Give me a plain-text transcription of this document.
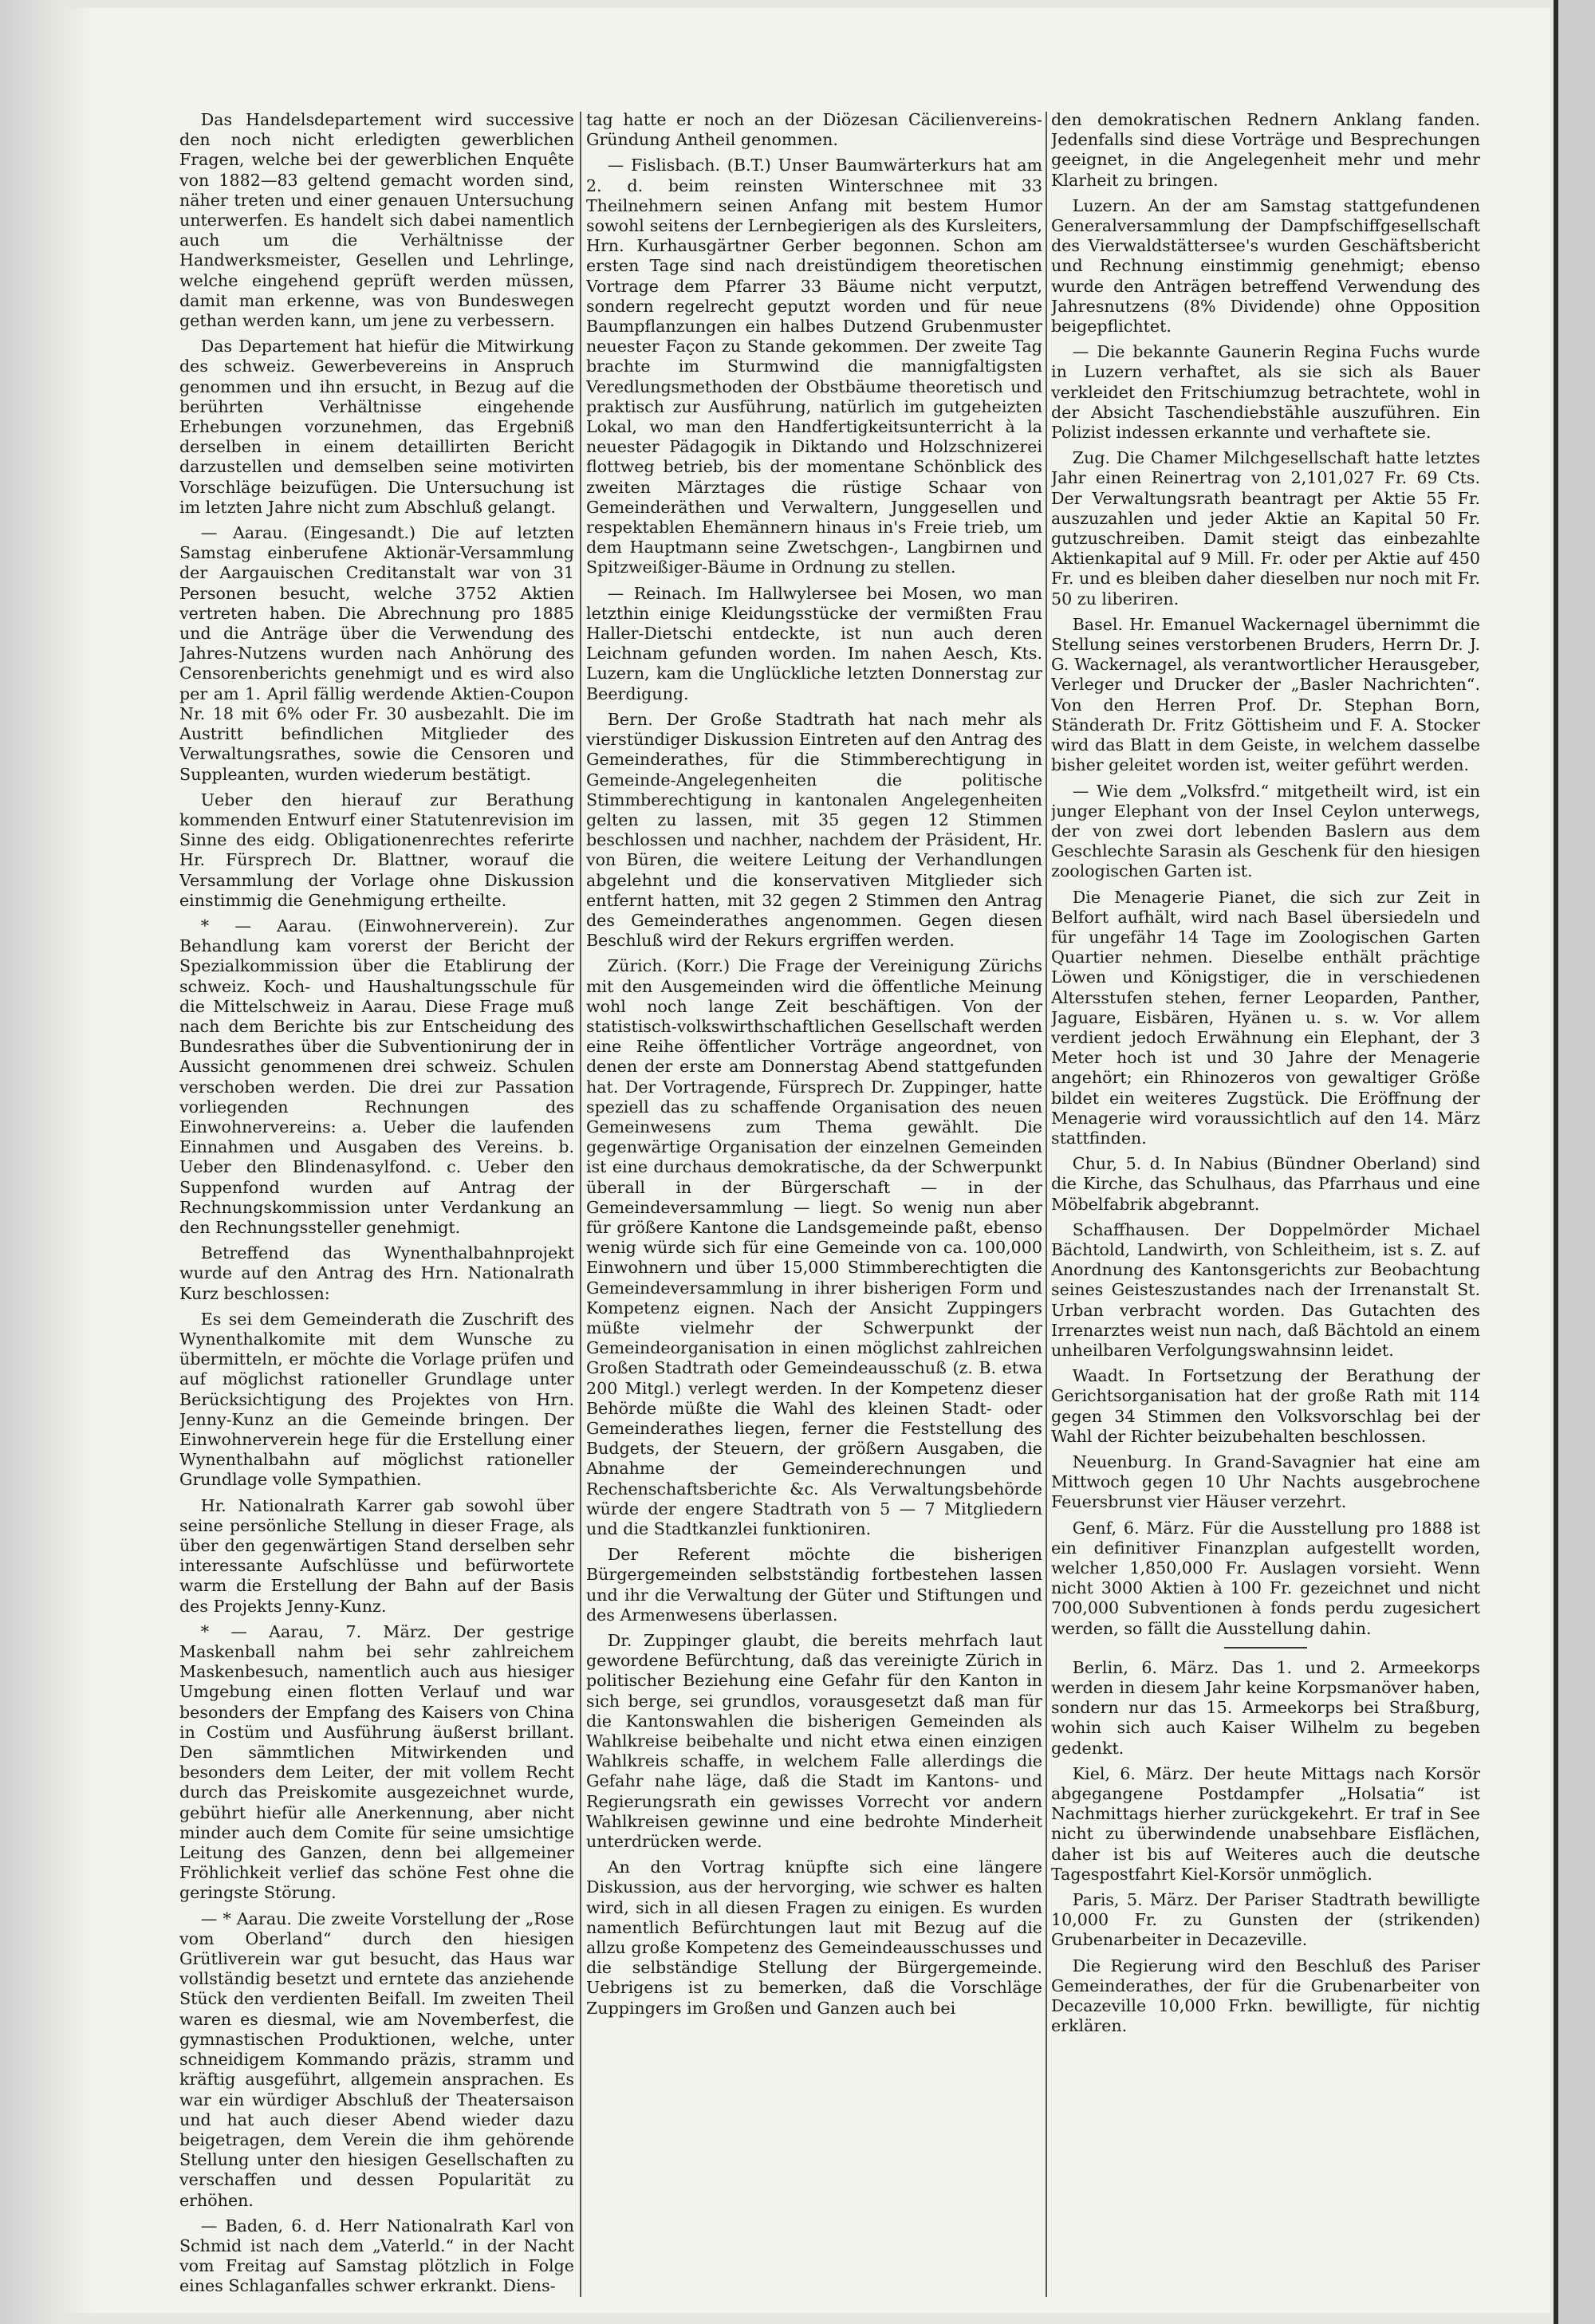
Das Handelsdepartement wird successive den noch nicht erledigten gewerblichen Fragen, welche bei der gewerblichen Enquête von 1882—83 geltend gemacht worden sind, näher treten und einer genauen Untersuchung unterwerfen. Es handelt sich dabei namentlich auch um die Verhältnisse der Handwerksmeister, Gesellen und Lehrlinge, welche eingehend geprüft werden müssen, damit man erkenne, was von Bundeswegen gethan werden kann, um jene zu verbessern.

Das Departement hat hiefür die Mitwirkung des schweiz. Gewerbevereins in Anspruch genommen und ihn ersucht, in Bezug auf die berührten Verhältnisse eingehende Erhebungen vorzunehmen, das Ergebniß derselben in einem detaillirten Bericht darzustellen und demselben seine motivirten Vorschläge beizufügen. Die Untersuchung ist im letzten Jahre nicht zum Abschluß gelangt.

— Aarau. (Eingesandt.) Die auf letzten Samstag einberufene Aktionär-Versammlung der Aargauischen Creditanstalt war von 31 Personen besucht, welche 3752 Aktien vertreten haben. Die Abrechnung pro 1885 und die Anträge über die Verwendung des Jahres-Nutzens wurden nach Anhörung des Censorenberichts genehmigt und es wird also per am 1. April fällig werdende Aktien-Coupon Nr. 18 mit 6% oder Fr. 30 ausbezahlt. Die im Austritt befindlichen Mitglieder des Verwaltungsrathes, sowie die Censoren und Suppleanten, wurden wiederum bestätigt.

Ueber den hierauf zur Berathung kommenden Entwurf einer Statutenrevision im Sinne des eidg. Obligationenrechtes referirte Hr. Fürsprech Dr. Blattner, worauf die Versammlung der Vorlage ohne Diskussion einstimmig die Genehmigung ertheilte.

* — Aarau. (Einwohnerverein). Zur Behandlung kam vorerst der Bericht der Spezialkommission über die Etablirung der schweiz. Koch- und Haushaltungsschule für die Mittelschweiz in Aarau. Diese Frage muß nach dem Berichte bis zur Entscheidung des Bundesrathes über die Subventionirung der in Aussicht genommenen drei schweiz. Schulen verschoben werden. Die drei zur Passation vorliegenden Rechnungen des Einwohnervereins: a. Ueber die laufenden Einnahmen und Ausgaben des Vereins. b. Ueber den Blindenasylfond. c. Ueber den Suppenfond wurden auf Antrag der Rechnungskommission unter Verdankung an den Rechnungssteller genehmigt.

Betreffend das Wynenthalbahnprojekt wurde auf den Antrag des Hrn. Nationalrath Kurz beschlossen:

Es sei dem Gemeinderath die Zuschrift des Wynenthalkomite mit dem Wunsche zu übermitteln, er möchte die Vorlage prüfen und auf möglichst rationeller Grundlage unter Berücksichtigung des Projektes von Hrn. Jenny-Kunz an die Gemeinde bringen. Der Einwohnerverein hege für die Erstellung einer Wynenthalbahn auf möglichst rationeller Grundlage volle Sympathien.

Hr. Nationalrath Karrer gab sowohl über seine persönliche Stellung in dieser Frage, als über den gegenwärtigen Stand derselben sehr interessante Aufschlüsse und befürwortete warm die Erstellung der Bahn auf der Basis des Projekts Jenny-Kunz.

* — Aarau, 7. März. Der gestrige Maskenball nahm bei sehr zahlreichem Maskenbesuch, namentlich auch aus hiesiger Umgebung einen flotten Verlauf und war besonders der Empfang des Kaisers von China in Costüm und Ausführung äußerst brillant. Den sämmtlichen Mitwirkenden und besonders dem Leiter, der mit vollem Recht durch das Preiskomite ausgezeichnet wurde, gebührt hiefür alle Anerkennung, aber nicht minder auch dem Comite für seine umsichtige Leitung des Ganzen, denn bei allgemeiner Fröhlichkeit verlief das schöne Fest ohne die geringste Störung.

— * Aarau. Die zweite Vorstellung der „Rose vom Oberland“ durch den hiesigen Grütliverein war gut besucht, das Haus war vollständig besetzt und erntete das anziehende Stück den verdienten Beifall. Im zweiten Theil waren es diesmal, wie am Novemberfest, die gymnastischen Produktionen, welche, unter schneidigem Kommando präzis, stramm und kräftig ausgeführt, allgemein ansprachen. Es war ein würdiger Abschluß der Theatersaison und hat auch dieser Abend wieder dazu beigetragen, dem Verein die ihm gehörende Stellung unter den hiesigen Gesellschaften zu verschaffen und dessen Popularität zu erhöhen.

— Baden, 6. d. Herr Nationalrath Karl von Schmid ist nach dem „Vaterld.“ in der Nacht vom Freitag auf Samstag plötzlich in Folge eines Schlaganfalles schwer erkrankt. Diens-

tag hatte er noch an der Diözesan Cäcilienvereins-Gründung Antheil genommen.

— Fislisbach. (B.T.) Unser Baumwärterkurs hat am 2. d. beim reinsten Winterschnee mit 33 Theilnehmern seinen Anfang mit bestem Humor sowohl seitens der Lernbegierigen als des Kursleiters, Hrn. Kurhausgärtner Gerber begonnen. Schon am ersten Tage sind nach dreistündigem theoretischen Vortrage dem Pfarrer 33 Bäume nicht verputzt, sondern regelrecht geputzt worden und für neue Baumpflanzungen ein halbes Dutzend Grubenmuster neuester Façon zu Stande gekommen. Der zweite Tag brachte im Sturmwind die mannigfaltigsten Veredlungsmethoden der Obstbäume theoretisch und praktisch zur Ausführung, natürlich im gutgeheizten Lokal, wo man den Handfertigkeitsunterricht à la neuester Pädagogik in Diktando und Holzschnizerei flottweg betrieb, bis der momentane Schönblick des zweiten Märztages die rüstige Schaar von Gemeinderäthen und Verwaltern, Junggesellen und respektablen Ehemännern hinaus in's Freie trieb, um dem Hauptmann seine Zwetschgen-, Langbirnen und Spitzweißiger-Bäume in Ordnung zu stellen.

— Reinach. Im Hallwylersee bei Mosen, wo man letzthin einige Kleidungsstücke der vermißten Frau Haller-Dietschi entdeckte, ist nun auch deren Leichnam gefunden worden. Im nahen Aesch, Kts. Luzern, kam die Unglückliche letzten Donnerstag zur Beerdigung.

Bern. Der Große Stadtrath hat nach mehr als vierstündiger Diskussion Eintreten auf den Antrag des Gemeinderathes, für die Stimmberechtigung in Gemeinde-Angelegenheiten die politische Stimmberechtigung in kantonalen Angelegenheiten gelten zu lassen, mit 35 gegen 12 Stimmen beschlossen und nachher, nachdem der Präsident, Hr. von Büren, die weitere Leitung der Verhandlungen abgelehnt und die konservativen Mitglieder sich entfernt hatten, mit 32 gegen 2 Stimmen den Antrag des Gemeinderathes angenommen. Gegen diesen Beschluß wird der Rekurs ergriffen werden.

Zürich. (Korr.) Die Frage der Vereinigung Zürichs mit den Ausgemeinden wird die öffentliche Meinung wohl noch lange Zeit beschäftigen. Von der statistisch-volkswirthschaftlichen Gesellschaft werden eine Reihe öffentlicher Vorträge angeordnet, von denen der erste am Donnerstag Abend stattgefunden hat. Der Vortragende, Fürsprech Dr. Zuppinger, hatte speziell das zu schaffende Organisation des neuen Gemeinwesens zum Thema gewählt. Die gegenwärtige Organisation der einzelnen Gemeinden ist eine durchaus demokratische, da der Schwerpunkt überall in der Bürgerschaft — in der Gemeindeversammlung — liegt. So wenig nun aber für größere Kantone die Landsgemeinde paßt, ebenso wenig würde sich für eine Gemeinde von ca. 100,000 Einwohnern und über 15,000 Stimmberechtigten die Gemeindeversammlung in ihrer bisherigen Form und Kompetenz eignen. Nach der Ansicht Zuppingers müßte vielmehr der Schwerpunkt der Gemeindeorganisation in einen möglichst zahlreichen Großen Stadtrath oder Gemeindeausschuß (z. B. etwa 200 Mitgl.) verlegt werden. In der Kompetenz dieser Behörde müßte die Wahl des kleinen Stadt- oder Gemeinderathes liegen, ferner die Feststellung des Budgets, der Steuern, der größern Ausgaben, die Abnahme der Gemeinderechnungen und Rechenschaftsberichte &c. Als Verwaltungsbehörde würde der engere Stadtrath von 5 — 7 Mitgliedern und die Stadtkanzlei funktioniren.

Der Referent möchte die bisherigen Bürgergemeinden selbstständig fortbestehen lassen und ihr die Verwaltung der Güter und Stiftungen und des Armenwesens überlassen.

Dr. Zuppinger glaubt, die bereits mehrfach laut gewordene Befürchtung, daß das vereinigte Zürich in politischer Beziehung eine Gefahr für den Kanton in sich berge, sei grundlos, vorausgesetzt daß man für die Kantonswahlen die bisherigen Gemeinden als Wahlkreise beibehalte und nicht etwa einen einzigen Wahlkreis schaffe, in welchem Falle allerdings die Gefahr nahe läge, daß die Stadt im Kantons- und Regierungsrath ein gewisses Vorrecht vor andern Wahlkreisen gewinne und eine bedrohte Minderheit unterdrücken werde.

An den Vortrag knüpfte sich eine längere Diskussion, aus der hervorging, wie schwer es halten wird, sich in all diesen Fragen zu einigen. Es wurden namentlich Befürchtungen laut mit Bezug auf die allzu große Kompetenz des Gemeindeausschusses und die selbständige Stellung der Bürgergemeinde. Uebrigens ist zu bemerken, daß die Vorschläge Zuppingers im Großen und Ganzen auch bei

den demokratischen Rednern Anklang fanden. Jedenfalls sind diese Vorträge und Besprechungen geeignet, in die Angelegenheit mehr und mehr Klarheit zu bringen.

Luzern. An der am Samstag stattgefundenen Generalversammlung der Dampfschiffgesellschaft des Vierwaldstättersee's wurden Geschäftsbericht und Rechnung einstimmig genehmigt; ebenso wurde den Anträgen betreffend Verwendung des Jahresnutzens (8% Dividende) ohne Opposition beigepflichtet.

— Die bekannte Gaunerin Regina Fuchs wurde in Luzern verhaftet, als sie sich als Bauer verkleidet den Fritschiumzug betrachtete, wohl in der Absicht Taschendiebstähle auszuführen. Ein Polizist indessen erkannte und verhaftete sie.

Zug. Die Chamer Milchgesellschaft hatte letztes Jahr einen Reinertrag von 2,101,027 Fr. 69 Cts. Der Verwaltungsrath beantragt per Aktie 55 Fr. auszuzahlen und jeder Aktie an Kapital 50 Fr. gutzuschreiben. Damit steigt das einbezahlte Aktienkapital auf 9 Mill. Fr. oder per Aktie auf 450 Fr. und es bleiben daher dieselben nur noch mit Fr. 50 zu liberiren.

Basel. Hr. Emanuel Wackernagel übernimmt die Stellung seines verstorbenen Bruders, Herrn Dr. J. G. Wackernagel, als verantwortlicher Herausgeber, Verleger und Drucker der „Basler Nachrichten“. Von den Herren Prof. Dr. Stephan Born, Ständerath Dr. Fritz Göttisheim und F. A. Stocker wird das Blatt in dem Geiste, in welchem dasselbe bisher geleitet worden ist, weiter geführt werden.

— Wie dem „Volksfrd.“ mitgetheilt wird, ist ein junger Elephant von der Insel Ceylon unterwegs, der von zwei dort lebenden Baslern aus dem Geschlechte Sarasin als Geschenk für den hiesigen zoologischen Garten ist.

Die Menagerie Pianet, die sich zur Zeit in Belfort aufhält, wird nach Basel übersiedeln und für ungefähr 14 Tage im Zoologischen Garten Quartier nehmen. Dieselbe enthält prächtige Löwen und Königstiger, die in verschiedenen Altersstufen stehen, ferner Leoparden, Panther, Jaguare, Eisbären, Hyänen u. s. w. Vor allem verdient jedoch Erwähnung ein Elephant, der 3 Meter hoch ist und 30 Jahre der Menagerie angehört; ein Rhinozeros von gewaltiger Größe bildet ein weiteres Zugstück. Die Eröffnung der Menagerie wird voraussichtlich auf den 14. März stattfinden.

Chur, 5. d. In Nabius (Bündner Oberland) sind die Kirche, das Schulhaus, das Pfarrhaus und eine Möbelfabrik abgebrannt.

Schaffhausen. Der Doppelmörder Michael Bächtold, Landwirth, von Schleitheim, ist s. Z. auf Anordnung des Kantonsgerichts zur Beobachtung seines Geisteszustandes nach der Irrenanstalt St. Urban verbracht worden. Das Gutachten des Irrenarztes weist nun nach, daß Bächtold an einem unheilbaren Verfolgungswahnsinn leidet.

Waadt. In Fortsetzung der Berathung der Gerichtsorganisation hat der große Rath mit 114 gegen 34 Stimmen den Volksvorschlag bei der Wahl der Richter beizubehalten beschlossen.

Neuenburg. In Grand-Savagnier hat eine am Mittwoch gegen 10 Uhr Nachts ausgebrochene Feuersbrunst vier Häuser verzehrt.

Genf, 6. März. Für die Ausstellung pro 1888 ist ein definitiver Finanzplan aufgestellt worden, welcher 1,850,000 Fr. Auslagen vorsieht. Wenn nicht 3000 Aktien à 100 Fr. gezeichnet und nicht 700,000 Subventionen à fonds perdu zugesichert werden, so fällt die Ausstellung dahin.

Berlin, 6. März. Das 1. und 2. Armeekorps werden in diesem Jahr keine Korpsmanöver haben, sondern nur das 15. Armeekorps bei Straßburg, wohin sich auch Kaiser Wilhelm zu begeben gedenkt.

Kiel, 6. März. Der heute Mittags nach Korsör abgegangene Postdampfer „Holsatia“ ist Nachmittags hierher zurückgekehrt. Er traf in See nicht zu überwindende unabsehbare Eisflächen, daher ist bis auf Weiteres auch die deutsche Tagespostfahrt Kiel-Korsör unmöglich.

Paris, 5. März. Der Pariser Stadtrath bewilligte 10,000 Fr. zu Gunsten der (strikenden) Grubenarbeiter in Decazeville.

Die Regierung wird den Beschluß des Pariser Gemeinderathes, der für die Grubenarbeiter von Decazeville 10,000 Frkn. bewilligte, für nichtig erklären.
